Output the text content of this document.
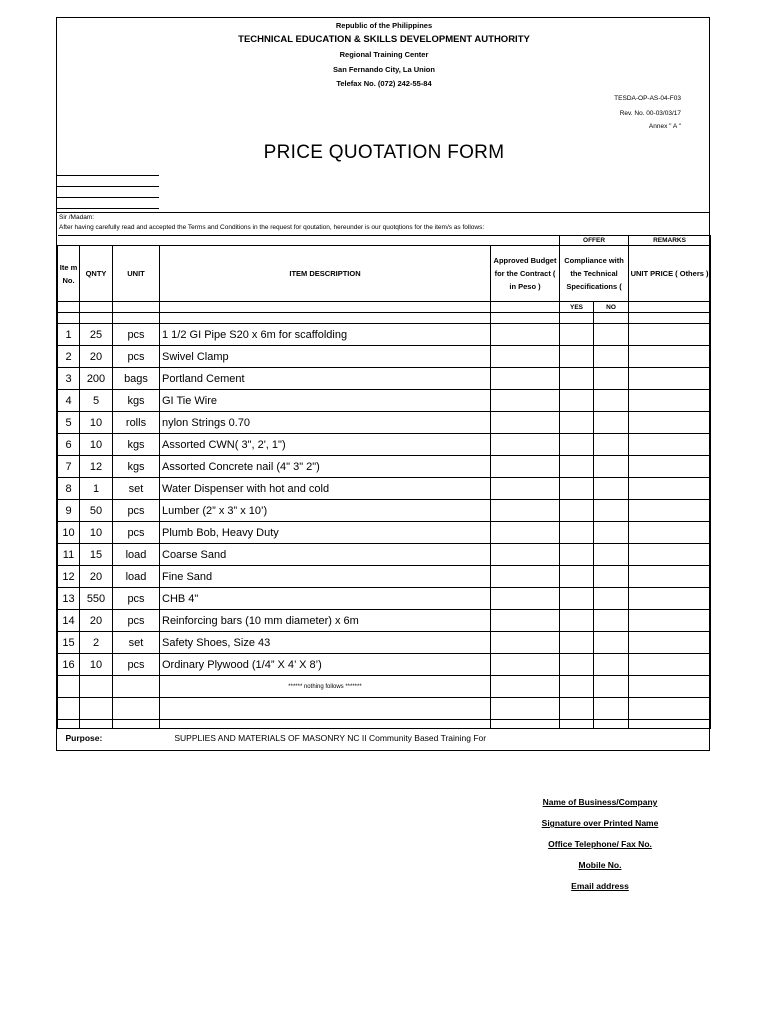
Republic of the Philippines
TECHNICAL EDUCATION & SKILLS DEVELOPMENT AUTHORITY
Regional Training Center
San Fernando City, La Union
Telefax No. (072) 242-55-84
TESDA-OP-AS-04-F03
Rev. No. 00-03/03/17
Annex " A "
PRICE QUOTATION FORM
Sir /Madam:
After having carefully read and accepted the Terms and Conditions in the request for qoutation, hereunder is our quotqtions for the item/s as follows:
					OFFER		REMARKS
Ite m No.	QNTY	UNIT	ITEM DESCRIPTION	Approved Budget for the Contract ( in Peso )	Compliance with the Technical Specifications (		UNIT PRICE ( Others )
					YES	NO	

1	25	pcs	1 1/2 GI Pipe S20 x 6m for scaffolding				
2	20	pcs	Swivel Clamp				
3	200	bags	Portland Cement				
4	5	kgs	GI Tie Wire				
5	10	rolls	nylon Strings 0.70				
6	10	kgs	Assorted CWN( 3", 2', 1")				
7	12	kgs	Assorted Concrete nail (4" 3" 2")				
8	1	set	Water Dispenser with hot and cold				
9	50	pcs	Lumber (2” x 3” x 10’)				
10	10	pcs	Plumb Bob, Heavy Duty				
11	15	load	Coarse Sand				
12	20	load	Fine Sand				
13	550	pcs	CHB 4"				
14	20	pcs	Reinforcing bars (10 mm diameter) x 6m				
15	2	set	Safety Shoes, Size 43				
16	10	pcs	Ordinary Plywood (1/4” X 4’ X 8’)				
			****** nothing follows *******				

Purpose: SUPPLIES AND MATERIALS OF MASONRY NC II Community Based Training For							
Name of Business/Company
Signature over Printed Name
Office Telephone/ Fax No.
Mobile No.
Email address
